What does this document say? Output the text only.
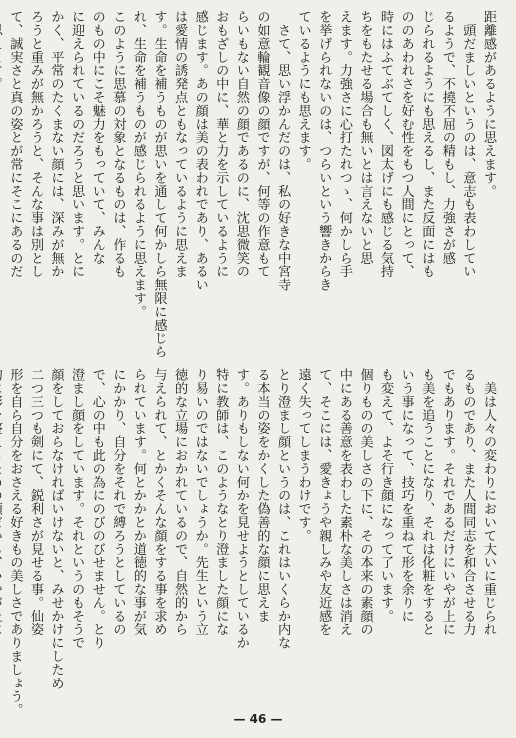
距離感があるように思えます。
　頭だましいというのは、意志も表わしてい
るようで、不撓不屈の精もし、力強さが感
じられるようにも思えるし、また反面にはも
ののあわれさを好む性をもつ人間にとって、
時にはふてぶてしく、図太げにも感じる気持
ちをもたせる場合も無いとは言えないと思
えます。力強さに心打たれつゝ、何かしら手
を挙げられないのは、つらいという響きからき
ているようにも思えます。
　さて、思い浮かんだのは、私の好きな中宮寺
の如意輪観音像の顔ですが、何等の作意もて
らいもない自然の顔であるのに、沈思微笑の
おもざしの中に、華と力を示しているように
感じます。あの顔は美の表われであり、あるい
は愛情の誘発点ともなっているように思えま
す。生命を補うものが思いを通して何かしら無限に感じら
れ、生命を補うものが感じられるように思えます。
このように思慕の対象となるものは、作るも
のもの中にこそ魅力をもっていて、みんな
に迎えられているのだろうと思います。とに
かく、平常のたくまない顔には、深みが無か
ろうと重みが無かろうと、そんな事は別とし
て、誠実さと真の姿とが常にそこにあるのだ
　美は人々の変わりにおいて大いに重じられ
るものであり、また人間同志を和合させる力
でもあります。それであるだけにいやが上に
も美を追うことになり、それは化粧をすると
いう事になって、技巧を重ねて形を余りに
も変えて、よそ行き顔になって了います。
個りものの美しさの下に、その本来の素顔の
中にある善意を表わした素朴な美しさは消え
て、そこには、愛きょうや親しみや友近感を
遠く失ってしまうわけです。
とり澄まし顔というのは、これはいくらか内な
る本当の姿をかくした偽善的な顔に思えま
す。ありもしない何かを見せようとしているか
特に教師は、このようなとり澄ました顔にな
り易いのではないでしょうか。先生という立
徳的な立場におかれているので、自然的から
与えられて、とかくそんな顔をする事を求め
られています。何とかかとか道徳的な事が気
にかかり、自分をそれで縛ろうとしているの
で、心の中も此の為にのびのびせません。とり
澄まし顔をしています。それというのもそうで
顔をしておらなければいけないと、みせかけにしため
二つ三つも剣にて、鋭利さが見せる事。仙姿
形を自ら自分をおさえる好きもの美しさでありましょう。
— 46 —
